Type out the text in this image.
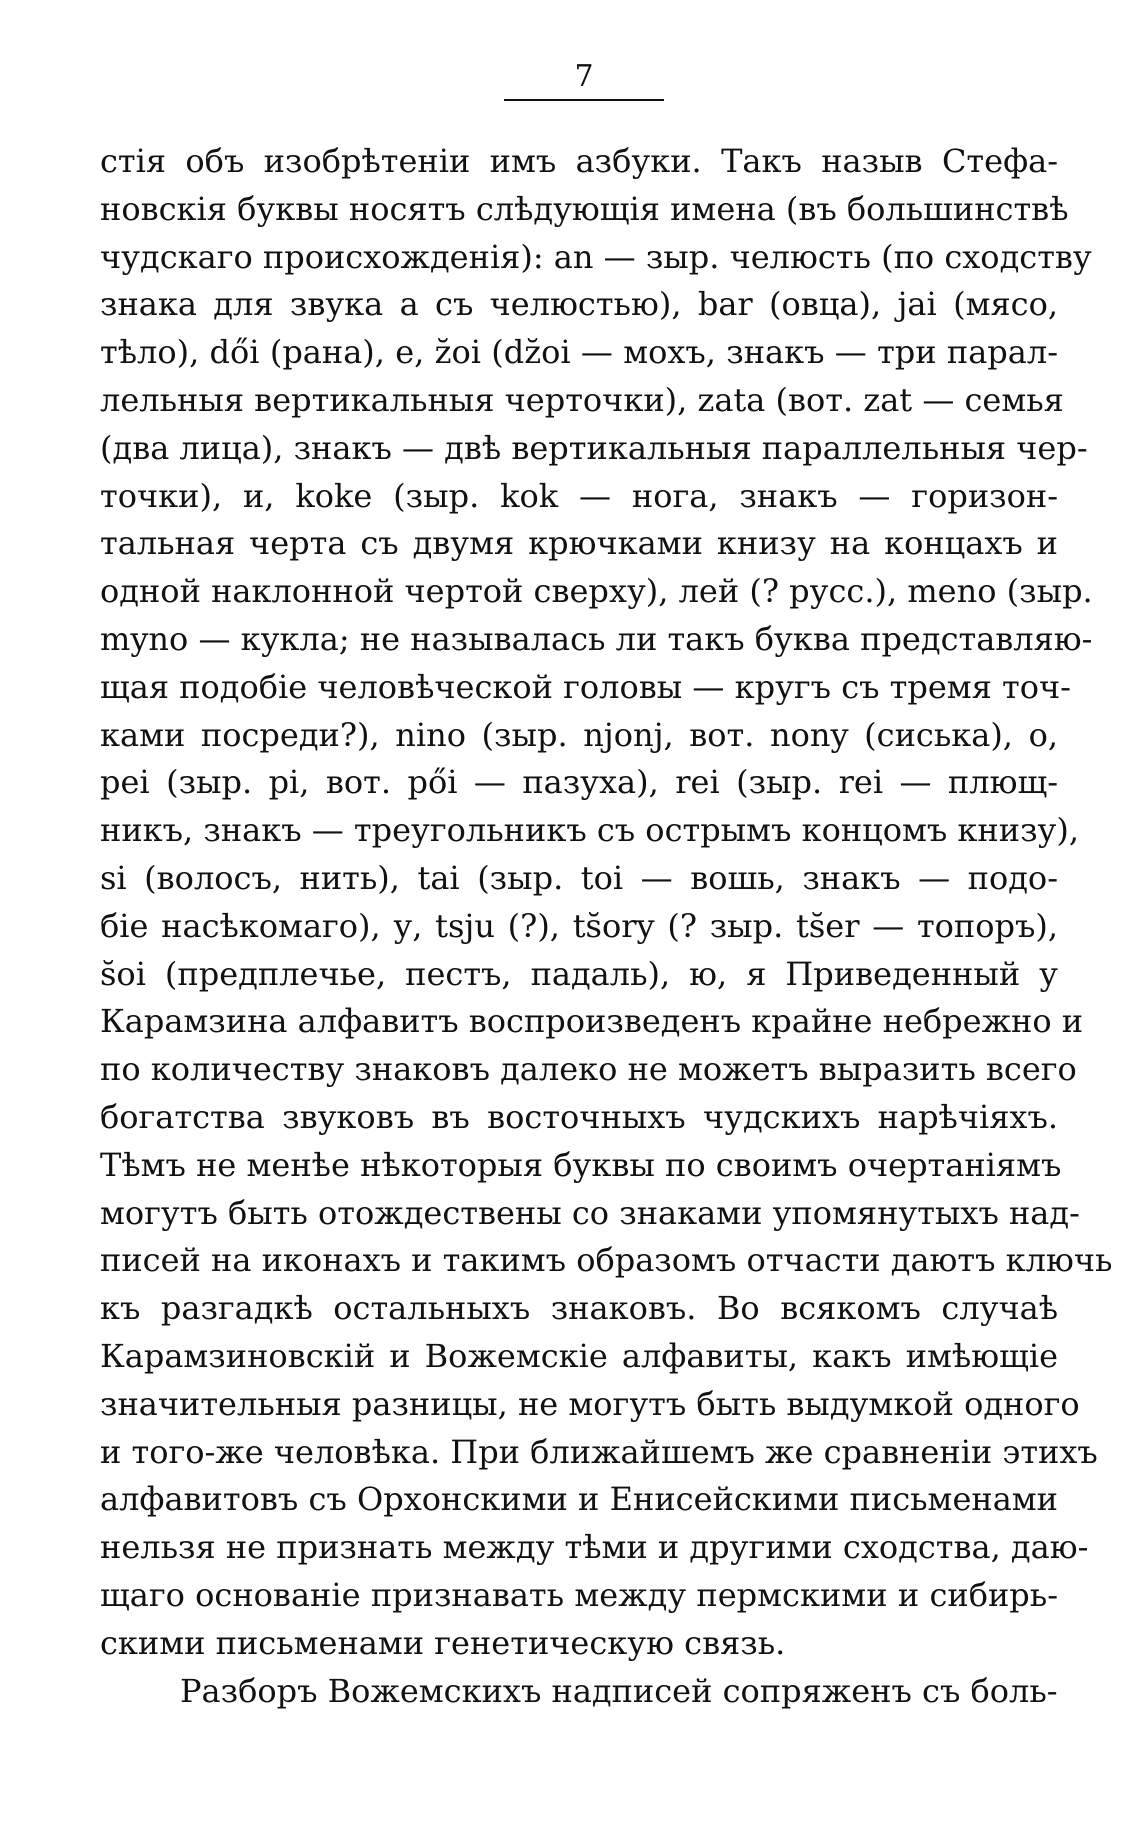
7
стія объ изобрѣтеніи имъ азбуки. Такъ назыв Стефа-
новскія буквы носятъ слѣдующія имена (въ большинствѣ
чудскаго происхожденія): an — зыр. челюсть (по сходству
знака для звука а съ челюстью), bar (овца), jai (мясо,
тѣло), dői (рана), e, z̆oi (dz̆oi — мохъ, знакъ — три парал-
лельныя вертикальныя черточки), zata (вот. zat — семья
(два лица), знакъ — двѣ вертикальныя параллельныя чер-
точки), и, koke (зыр. kok — нога, знакъ — горизон-
тальная черта съ двумя крючками книзу на концахъ и
одной наклонной чертой сверху), лей (? русс.), meno (зыр.
myno — кукла; не называлась ли такъ буква представляю-
щая подобіе человѣческой головы — кругъ съ тремя точ-
ками посреди?), nino (зыр. njonj, вот. nony (сиська), о,
pei (зыр. pi, вот. pői — пазуха), rei (зыр. rei — плющ-
никъ, знакъ — треугольникъ съ острымъ концомъ книзу),
si (волосъ, нить), tai (зыр. toi — вошь, знакъ — подо-
біе насѣкомаго), у, tsju (?), ts̆ory (? зыр. ts̆er — топоръ),
s̆oi (предплечье, пестъ, падаль), ю, я Приведенный у
Карамзина алфавитъ воспроизведенъ крайне небрежно и
по количеству знаковъ далеко не можетъ выразить всего
богатства звуковъ въ восточныхъ чудскихъ нарѣчіяхъ.
Тѣмъ не менѣе нѣкоторыя буквы по своимъ очертаніямъ
могутъ быть отождествены со знаками упомянутыхъ над-
писей на иконахъ и такимъ образомъ отчасти даютъ ключь
къ разгадкѣ остальныхъ знаковъ. Во всякомъ случаѣ
Карамзиновскій и Вожемскіе алфавиты, какъ имѣющіе
значительныя разницы, не могутъ быть выдумкой одного
и того-же человѣка. При ближайшемъ же сравненіи этихъ
алфавитовъ съ Орхонскими и Енисейскими письменами
нельзя не признать между тѣми и другими сходства, даю-
щаго основаніе признавать между пермскими и сибирь-
скими письменами генетическую связь.
Разборъ Вожемскихъ надписей сопряженъ съ боль-
